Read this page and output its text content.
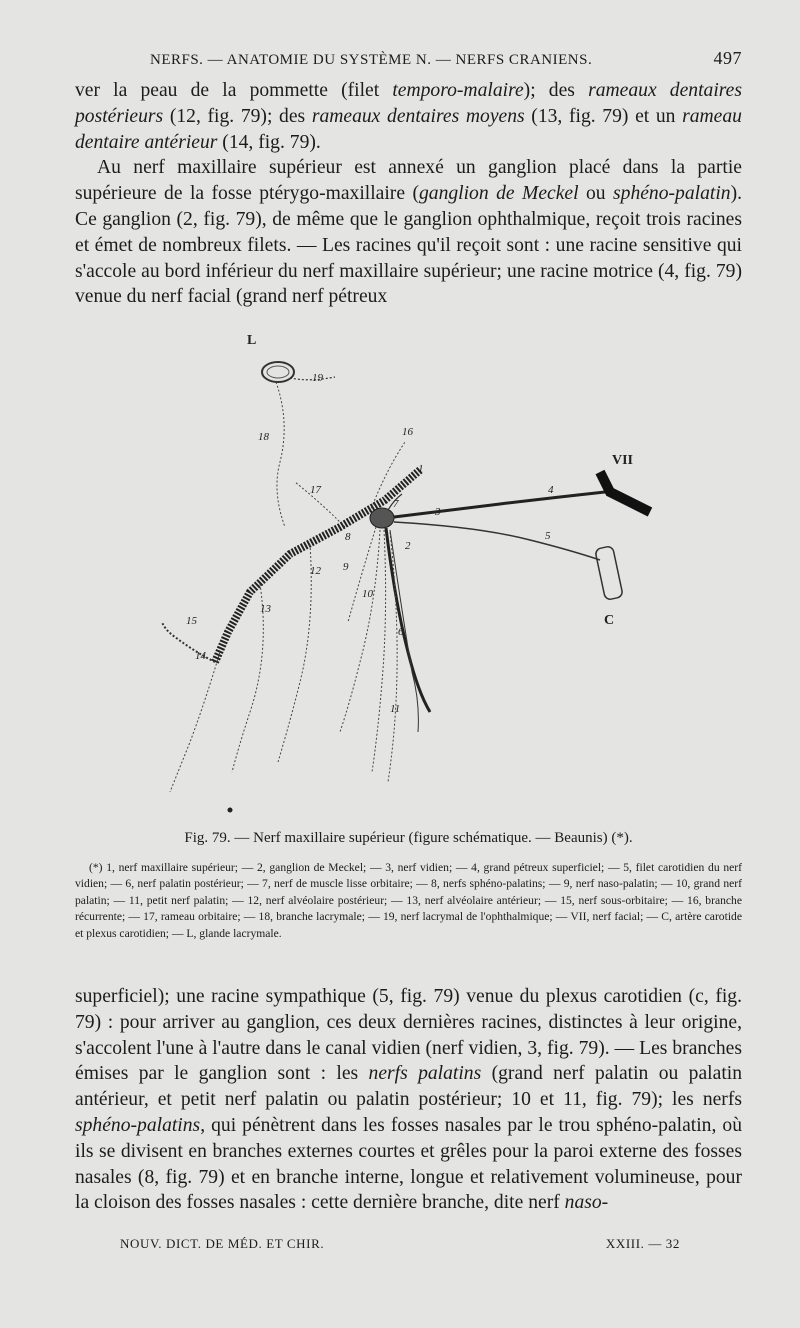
NERFS. — ANATOMIE DU SYSTÈME N. — NERFS CRANIENS.	497

ver la peau de la pommette (filet temporo-malaire); des rameaux dentaires postérieurs (12, fig. 79); des rameaux dentaires moyens (13, fig. 79) et un rameau dentaire antérieur (14, fig. 79).

Au nerf maxillaire supérieur est annexé un ganglion placé dans la partie supérieure de la fosse ptérygo-maxillaire (ganglion de Meckel ou sphéno-palatin). Ce ganglion (2, fig. 79), de même que le ganglion ophthalmique, reçoit trois racines et émet de nombreux filets. — Les racines qu'il reçoit sont : une racine sensitive qui s'accole au bord inférieur du nerf maxillaire supérieur; une racine motrice (4, fig. 79) venue du nerf facial (grand nerf pétreux

L
19
18	16
1
VII
17
7
3
4
2
5
8
12 9
10
6
15
13
14
11
C
Fig. 79. — Nerf maxillaire supérieur (figure schématique. — Beaunis) (*).
(*) 1, nerf maxillaire supérieur; — 2, ganglion de Meckel; — 3, nerf vidien; — 4, grand pétreux superficiel; — 5, filet carotidien du nerf vidien; — 6, nerf palatin postérieur; — 7, nerf de muscle lisse orbitaire; — 8, nerfs sphéno-palatins; — 9, nerf naso-palatin; — 10, grand nerf palatin; — 11, petit nerf palatin; — 12, nerf alvéolaire postérieur; — 13, nerf alvéolaire antérieur; — 15, nerf sous-orbitaire; — 16, branche récurrente; — 17, rameau orbitaire; — 18, branche lacrymale; — 19, nerf lacrymal de l'ophthalmique; — VII, nerf facial; — C, artère carotide et plexus carotidien; — L, glande lacrymale.

superficiel); une racine sympathique (5, fig. 79) venue du plexus carotidien (c, fig. 79) : pour arriver au ganglion, ces deux dernières racines, distinctes à leur origine, s'accolent l'une à l'autre dans le canal vidien (nerf vidien, 3, fig. 79). — Les branches émises par le ganglion sont : les nerfs palatins (grand nerf palatin ou palatin antérieur, et petit nerf palatin ou palatin postérieur; 10 et 11, fig. 79); les nerfs sphéno-palatins, qui pénètrent dans les fosses nasales par le trou sphéno-palatin, où ils se divisent en branches externes courtes et grêles pour la paroi externe des fosses nasales (8, fig. 79) et en branche interne, longue et relativement volumineuse, pour la cloison des fosses nasales : cette dernière branche, dite nerf naso-

NOUV. DICT. DE MÉD. ET CHIR.	XXIII. — 32
